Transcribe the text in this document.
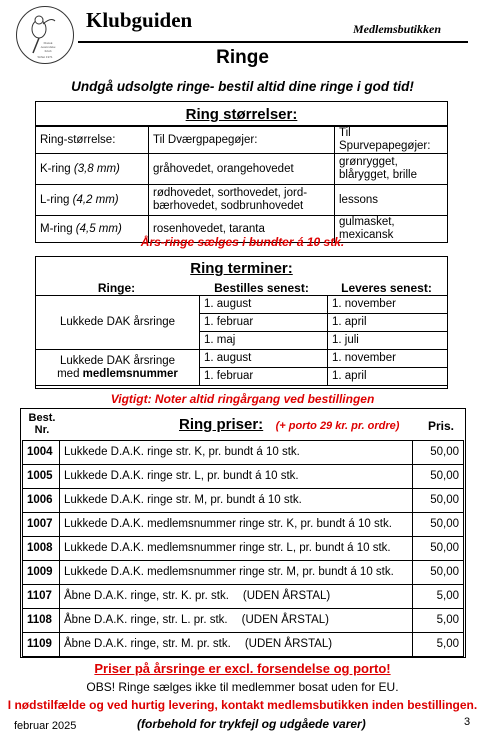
Dansk
Australske
Klub
Stiftet 1971
Klubguiden	Medlemsbutikken
Ringe
Undgå udsolgte ringe- bestil altid dine ringe i god tid!
Ring størrelser:
Ring-størrelse:	Til Dværgpapegøjer:	Til Spurvepapegøjer:
K-ring (3,8 mm)	gråhovedet, orangehovedet	grønrygget, blårygget, brille
L-ring (4,2 mm)	rødhovedet, sorthovedet, jord-bærhovedet, sodbrunhovedet	lessons
M-ring (4,5 mm)	rosenhovedet, taranta	gulmasket, mexicansk
Års-ringe sælges i bundter á 10 stk.
Ring terminer:
Ringe:	Bestilles senest:	Leveres senest:
Lukkede DAK årsringe	1. august	1. november
	1. februar	1. april
	1. maj	1. juli

Lukkede DAK årsringe
med medlemsnummer	1. august	1. november
	1. februar	1. april
Vigtigt: Noter altid ringårgang ved bestillingen
Best. Nr.	Ring priser: (+ porto 29 kr. pr. ordre) Pris.
1004	Lukkede D.A.K. ringe str. K, pr. bundt á 10 stk.	50,00
1005	Lukkede D.A.K. ringe str. L, pr. bundt á 10 stk.	50,00
1006	Lukkede D.A.K. ringe str. M, pr. bundt á 10 stk.	50,00
1007	Lukkede D.A.K. medlemsnummer ringe str. K, pr. bundt á 10 stk.	50,00
1008	Lukkede D.A.K. medlemsnummer ringe str. L, pr. bundt á 10 stk.	50,00
1009	Lukkede D.A.K. medlemsnummer ringe str. M, pr. bundt á 10 stk.	50,00
1107	Åbne D.A.K. ringe, str. K. pr. stk. (UDEN ÅRSTAL)	5,00
1108	Åbne D.A.K. ringe, str. L. pr. stk. (UDEN ÅRSTAL)	5,00
1109	Åbne D.A.K. ringe, str. M. pr. stk. (UDEN ÅRSTAL)	5,00
Priser på årsringe er excl. forsendelse og porto!
OBS! Ringe sælges ikke til medlemmer bosat uden for EU.
I nødstilfælde og ved hurtig levering, kontakt medlemsbutikken inden bestillingen.
februar 2025	(forbehold for trykfejl og udgåede varer)	3
